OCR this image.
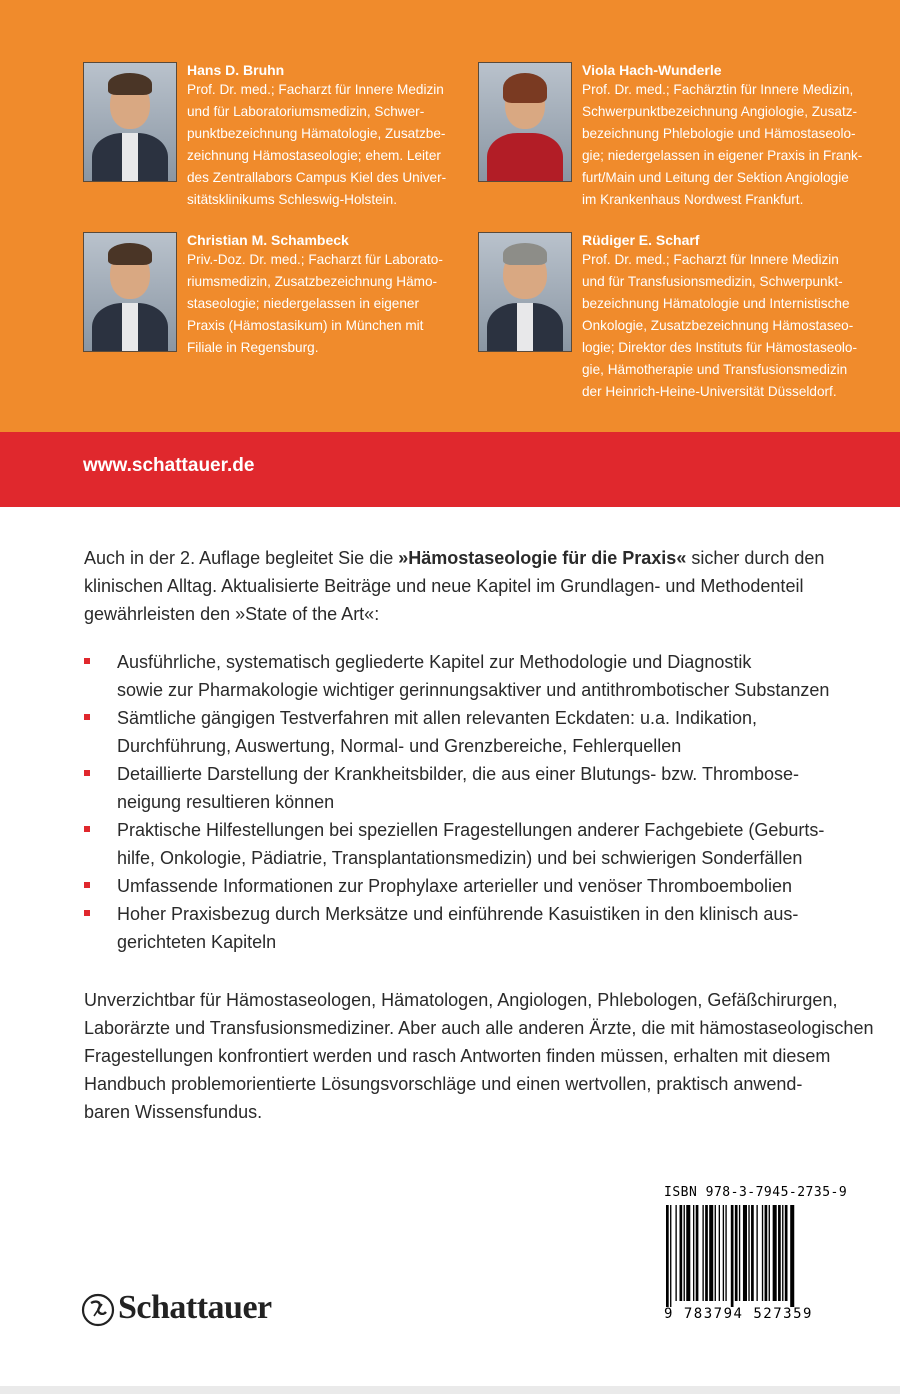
Hans D. Bruhn
Prof. Dr. med.; Facharzt für Innere Medizin
und für Laboratoriumsmedizin, Schwer-
punktbezeichnung Hämatologie, Zusatzbe-
zeichnung Hämostaseologie; ehem. Leiter
des Zentrallabors Campus Kiel des Univer-
sitätsklinikums Schleswig-Holstein.
Viola Hach-Wunderle
Prof. Dr. med.; Fachärztin für Innere Medizin,
Schwerpunktbezeichnung Angiologie, Zusatz-
bezeichnung Phlebologie und Hämostaseolo-
gie; niedergelassen in eigener Praxis in Frank-
furt/Main und Leitung der Sektion Angiologie
im Krankenhaus Nordwest Frankfurt.
Christian M. Schambeck
Priv.-Doz. Dr. med.; Facharzt für Laborato-
riumsmedizin, Zusatzbezeichnung Hämo-
staseologie; niedergelassen in eigener
Praxis (Hämostasikum) in München mit
Filiale in Regensburg.
Rüdiger E. Scharf
Prof. Dr. med.; Facharzt für Innere Medizin
und für Transfusionsmedizin, Schwerpunkt-
bezeichnung Hämatologie und Internistische
Onkologie, Zusatzbezeichnung Hämostaseo-
logie; Direktor des Instituts für Hämostaseolo-
gie, Hämotherapie und Transfusionsmedizin
der Heinrich-Heine-Universität Düsseldorf.
www.schattauer.de

Auch in der 2. Auflage begleitet Sie die »Hämostaseologie für die Praxis« sicher durch den

klinischen Alltag. Aktualisierte Beiträge und neue Kapitel im Grundlagen- und Methodenteil

gewährleisten den »State of the Art«:

Ausführliche, systematisch gegliederte Kapitel zur Methodologie und Diagnostik
sowie zur Pharmakologie wichtiger gerinnungsaktiver und antithrombotischer Substanzen
Sämtliche gängigen Testverfahren mit allen relevanten Eckdaten: u.a. Indikation,
Durchführung, Auswertung, Normal- und Grenzbereiche, Fehlerquellen
Detaillierte Darstellung der Krankheitsbilder, die aus einer Blutungs- bzw. Thrombose-
neigung resultieren können
Praktische Hilfestellungen bei speziellen Fragestellungen anderer Fachgebiete (Geburts-
hilfe, Onkologie, Pädiatrie, Transplantationsmedizin) und bei schwierigen Sonderfällen
Umfassende Informationen zur Prophylaxe arterieller und venöser Thromboembolien
Hoher Praxisbezug durch Merksätze und einführende Kasuistiken in den klinisch aus-
gerichteten Kapiteln

Unverzichtbar für Hämostaseologen, Hämatologen, Angiologen, Phlebologen, Gefäßchirurgen,

Laborärzte und Transfusionsmediziner. Aber auch alle anderen Ärzte, die mit hämostaseologischen

Fragestellungen konfrontiert werden und rasch Antworten finden müssen, erhalten mit diesem

Handbuch problemorientierte Lösungsvorschläge und einen wertvollen, praktisch anwend-

baren Wissensfundus.

ISBN 978-3-7945-2735-9
9 783794 527359
Schattauer
